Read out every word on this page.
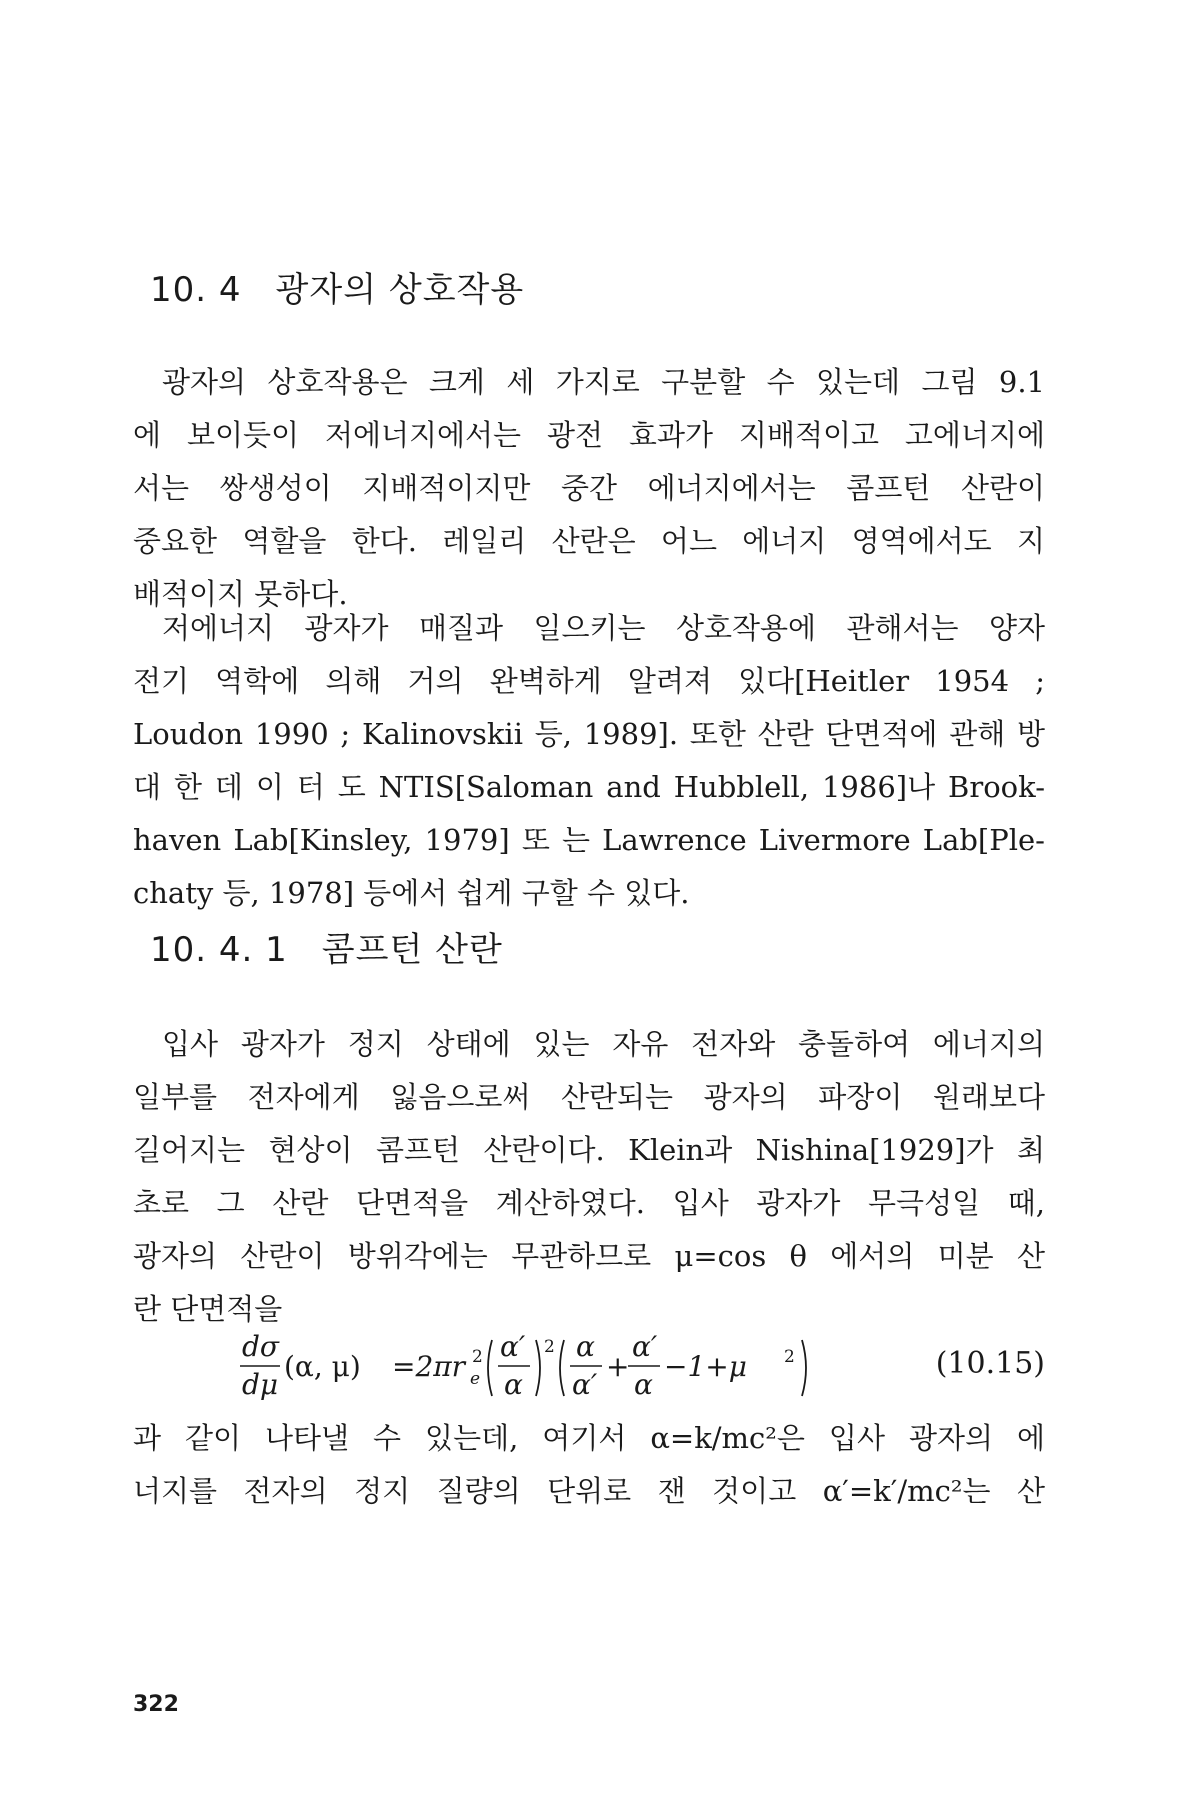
10. 4 광자의 상호작용
광자의 상호작용은 크게 세 가지로 구분할 수 있는데 그림 9.1
에 보이듯이 저에너지에서는 광전 효과가 지배적이고 고에너지에
서는 쌍생성이 지배적이지만 중간 에너지에서는 콤프턴 산란이
중요한 역할을 한다. 레일리 산란은 어느 에너지 영역에서도 지
배적이지 못하다.
저에너지 광자가 매질과 일으키는 상호작용에 관해서는 양자
전기 역학에 의해 거의 완벽하게 알려져 있다[Heitler 1954 ;
Loudon 1990 ; Kalinovskii 등, 1989]. 또한 산란 단면적에 관해 방
대 한 데 이 터 도 NTIS[Saloman and Hubblell, 1986]나 Brook-
haven Lab[Kinsley, 1979] 또 는 Lawrence Livermore Lab[Ple-
chaty 등, 1978] 등에서 쉽게 구할 수 있다.
10. 4. 1 콤프턴 산란
입사 광자가 정지 상태에 있는 자유 전자와 충돌하여 에너지의
일부를 전자에게 잃음으로써 산란되는 광자의 파장이 원래보다
길어지는 현상이 콤프턴 산란이다. Klein과 Nishina[1929]가 최
초로 그 산란 단면적을 계산하였다. 입사 광자가 무극성일 때,
광자의 산란이 방위각에는 무관하므로 μ=cos θ 에서의 미분 산
란 단면적을
dσ
dμ
(α, μ) =2πr 2
e
α′
α
2 α
α′
+
α′
α
−1+μ 2	(10.15)
과 같이 나타낼 수 있는데, 여기서 α=k/mc²은 입사 광자의 에
너지를 전자의 정지 질량의 단위로 잰 것이고 α′=k′/mc²는 산
322
